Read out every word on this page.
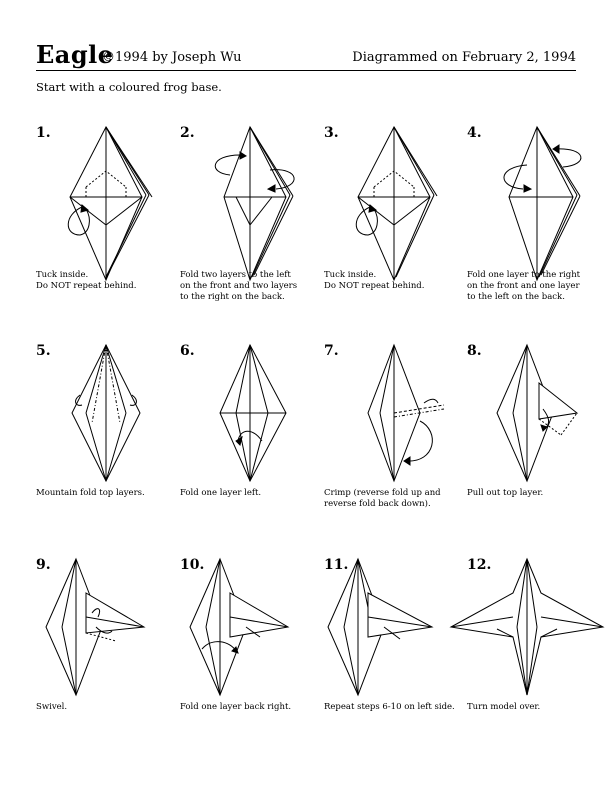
Eagle
©1994 by Joseph Wu	Diagrammed on February 2, 1994
Start with a coloured frog base.
1.
Tuck inside.
Do NOT repeat behind.
2.
Fold two layers to the left
on the front and two layers
to the right on the back.
3.
Tuck inside.
Do NOT repeat behind.
4.
Fold one layer to the right
on the front and one layer
to the left on the back.
5.
Mountain fold top layers.
6.
Fold one layer left.
7.
Crimp (reverse fold up and
reverse fold back down).
8.
Pull out top layer.
9.
Swivel.
10.
Fold one layer back right.
11.
Repeat steps 6-10 on left side.
12.
Turn model over.
